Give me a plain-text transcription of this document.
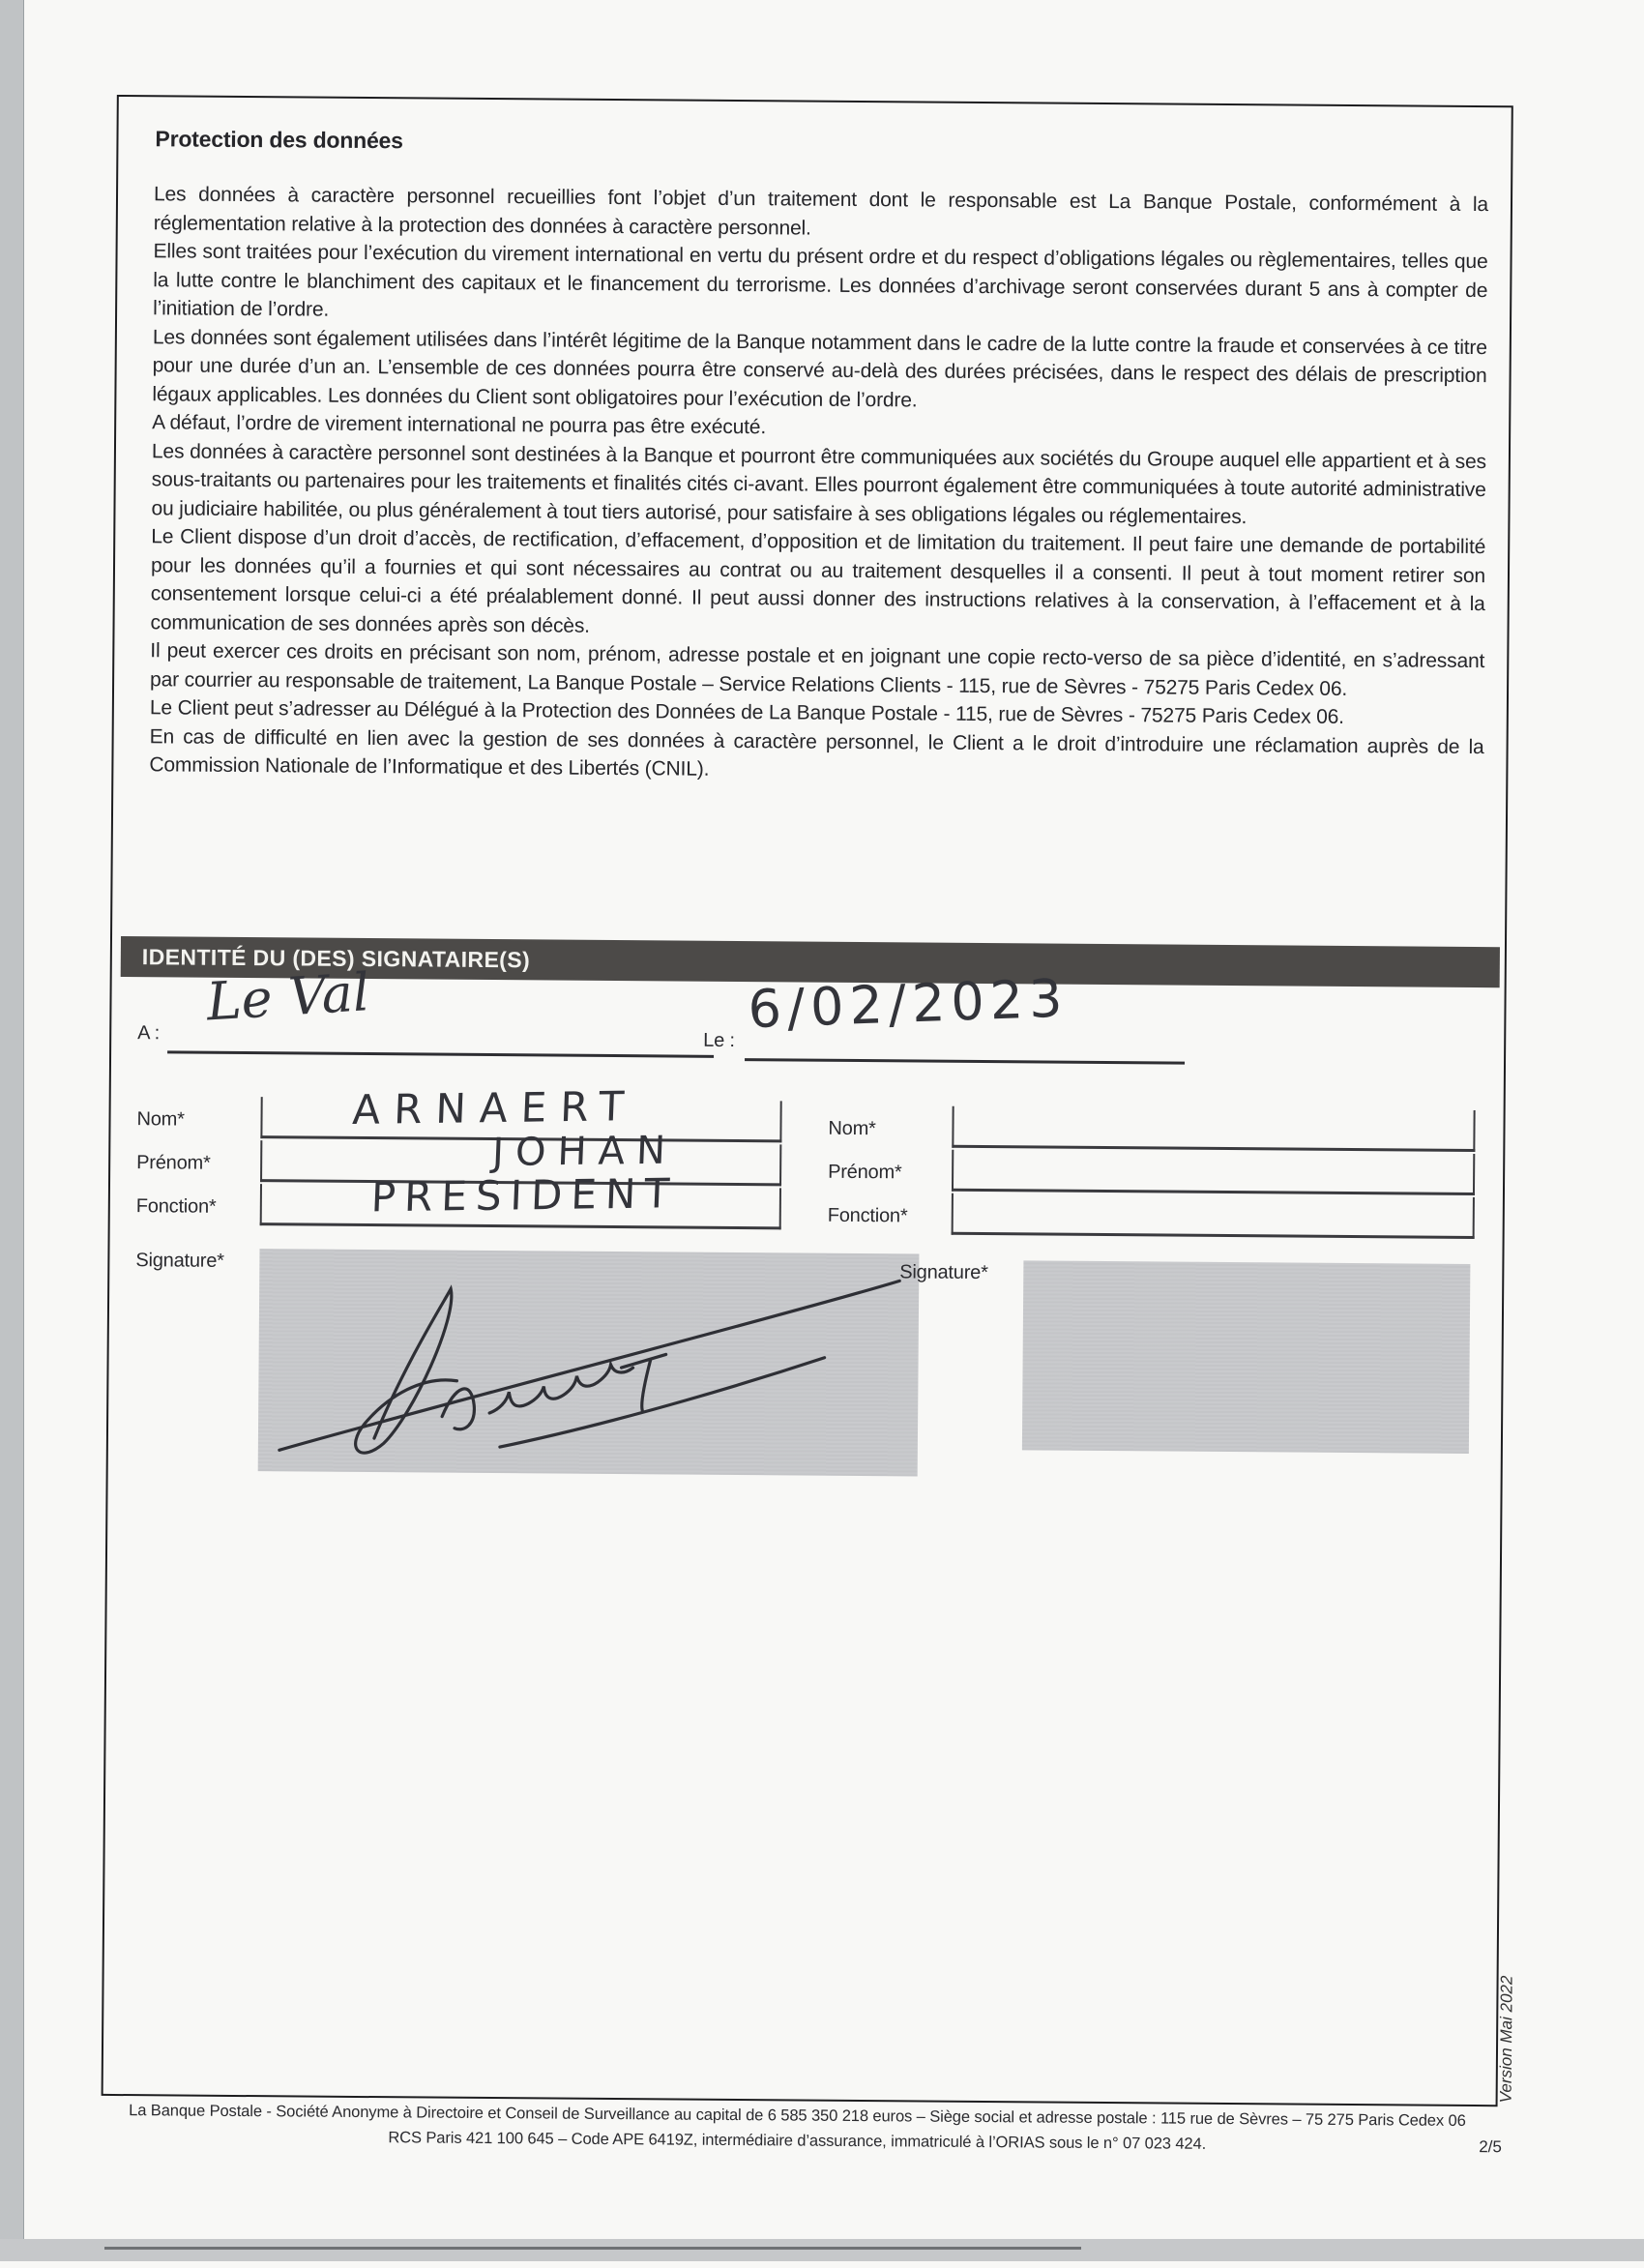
Protection des données

Les données à caractère personnel recueillies font l’objet d’un traitement dont le responsable est La Banque Postale, conformément à la réglementation relative à la protection des données à caractère personnel.

Elles sont traitées pour l’exécution du virement international en vertu du présent ordre et du respect d’obligations légales ou règlementaires, telles que la lutte contre le blanchiment des capitaux et le financement du terrorisme. Les données d’archivage seront conservées durant 5 ans à compter de l’initiation de l’ordre.

Les données sont également utilisées dans l’intérêt légitime de la Banque notamment dans le cadre de la lutte contre la fraude et conservées à ce titre pour une durée d’un an. L’ensemble de ces données pourra être conservé au-delà des durées précisées, dans le respect des délais de prescription légaux applicables. Les données du Client sont obligatoires pour l’exécution de l’ordre.

A défaut, l’ordre de virement international ne pourra pas être exécuté.

Les données à caractère personnel sont destinées à la Banque et pourront être communiquées aux sociétés du Groupe auquel elle appartient et à ses sous-traitants ou partenaires pour les traitements et finalités cités ci-avant. Elles pourront également être communiquées à toute autorité administrative ou judiciaire habilitée, ou plus généralement à tout tiers autorisé, pour satisfaire à ses obligations légales ou réglementaires.

Le Client dispose d’un droit d’accès, de rectification, d’effacement, d’opposition et de limitation du traitement. Il peut faire une demande de portabilité pour les données qu’il a fournies et qui sont nécessaires au contrat ou au traitement desquelles il a consenti. Il peut à tout moment retirer son consentement lorsque celui-ci a été préalablement donné. Il peut aussi donner des instructions relatives à la conservation, à l’effacement et à la communication de ses données après son décès.

Il peut exercer ces droits en précisant son nom, prénom, adresse postale et en joignant une copie recto-verso de sa pièce d’identité, en s’adressant par courrier au responsable de traitement, La Banque Postale – Service Relations Clients - 115, rue de Sèvres - 75275 Paris Cedex 06.

Le Client peut s’adresser au Délégué à la Protection des Données de La Banque Postale - 115, rue de Sèvres - 75275 Paris Cedex 06.

En cas de difficulté en lien avec la gestion de ses données à caractère personnel, le Client a le droit d’introduire une réclamation auprès de la Commission Nationale de l’Informatique et des Libertés (CNIL).

IDENTITÉ DU (DES) SIGNATAIRE(S)
A :
Le Val
Le :
6/02/2023
Nom*	ARNAERT
Prénom*	JOHAN
Fonction*	PRESIDENT
Nom*
Prénom*
Fonction*
Signature*
Signature*
La Banque Postale - Société Anonyme à Directoire et Conseil de Surveillance au capital de 6 585 350 218 euros – Siège social et adresse postale : 115 rue de Sèvres – 75 275 Paris Cedex 06
RCS Paris 421 100 645 – Code APE 6419Z, intermédiaire d’assurance, immatriculé à l’ORIAS sous le n° 07 023 424.
Version Mai 2022
2/5
